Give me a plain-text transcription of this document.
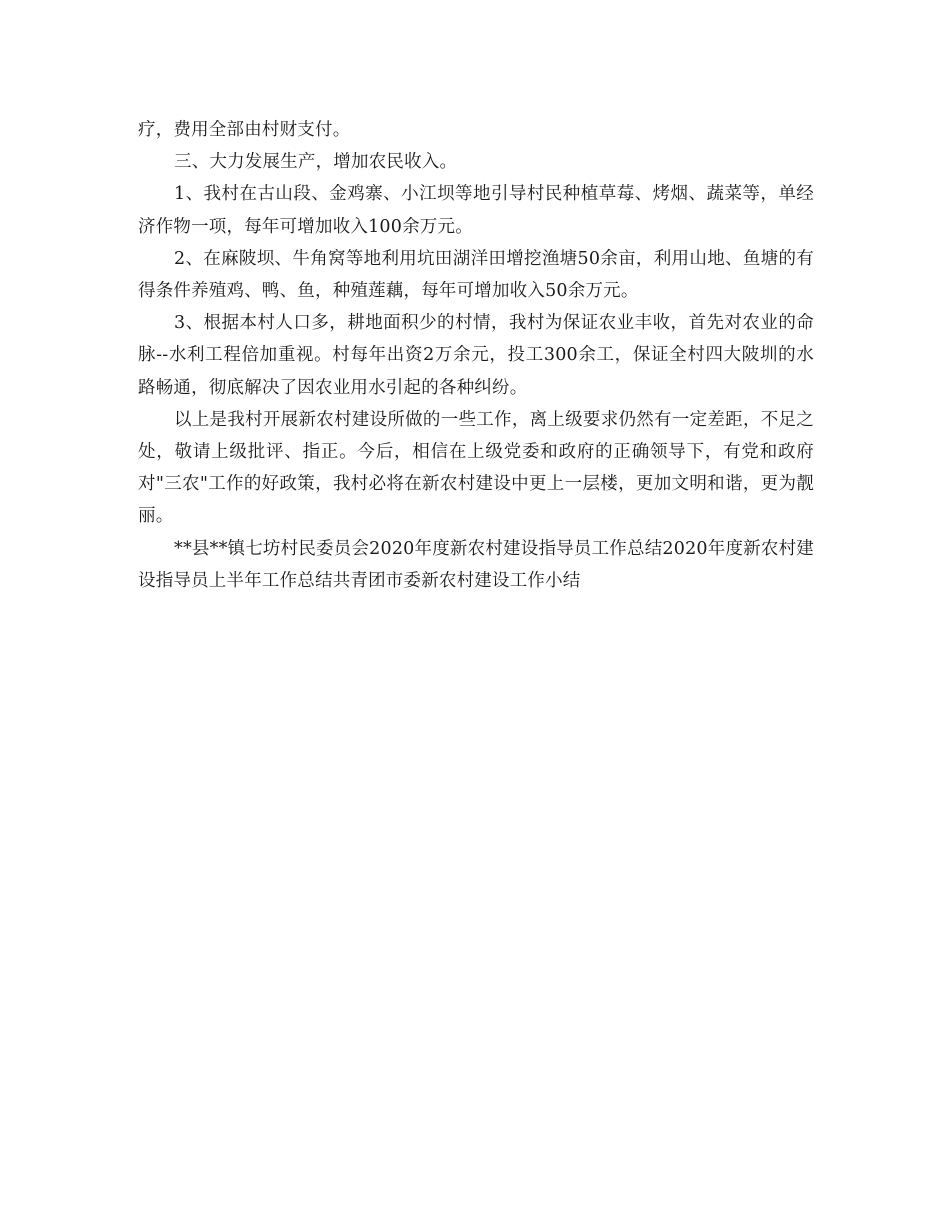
疗，费用全部由村财支付。

三、大力发展生产，增加农民收入。

1、我村在古山段、金鸡寨、小江坝等地引导村民种植草莓、烤烟、蔬菜等，单经济作物一项，每年可增加收入100余万元。

2、在麻陂坝、牛角窝等地利用坑田湖洋田增挖渔塘50余亩，利用山地、鱼塘的有得条件养殖鸡、鸭、鱼，种殖莲藕，每年可增加收入50余万元。

3、根据本村人口多，耕地面积少的村情，我村为保证农业丰收，首先对农业的命脉--水利工程倍加重视。村每年出资2万余元，投工300余工，保证全村四大陂圳的水路畅通，彻底解决了因农业用水引起的各种纠纷。

以上是我村开展新农村建设所做的一些工作，离上级要求仍然有一定差距，不足之处，敬请上级批评、指正。今后，相信在上级党委和政府的正确领导下，有党和政府对"三农"工作的好政策，我村必将在新农村建设中更上一层楼，更加文明和谐，更为靓丽。

**县**镇七坊村民委员会2020年度新农村建设指导员工作总结2020年度新农村建设指导员上半年工作总结共青团市委新农村建设工作小结
